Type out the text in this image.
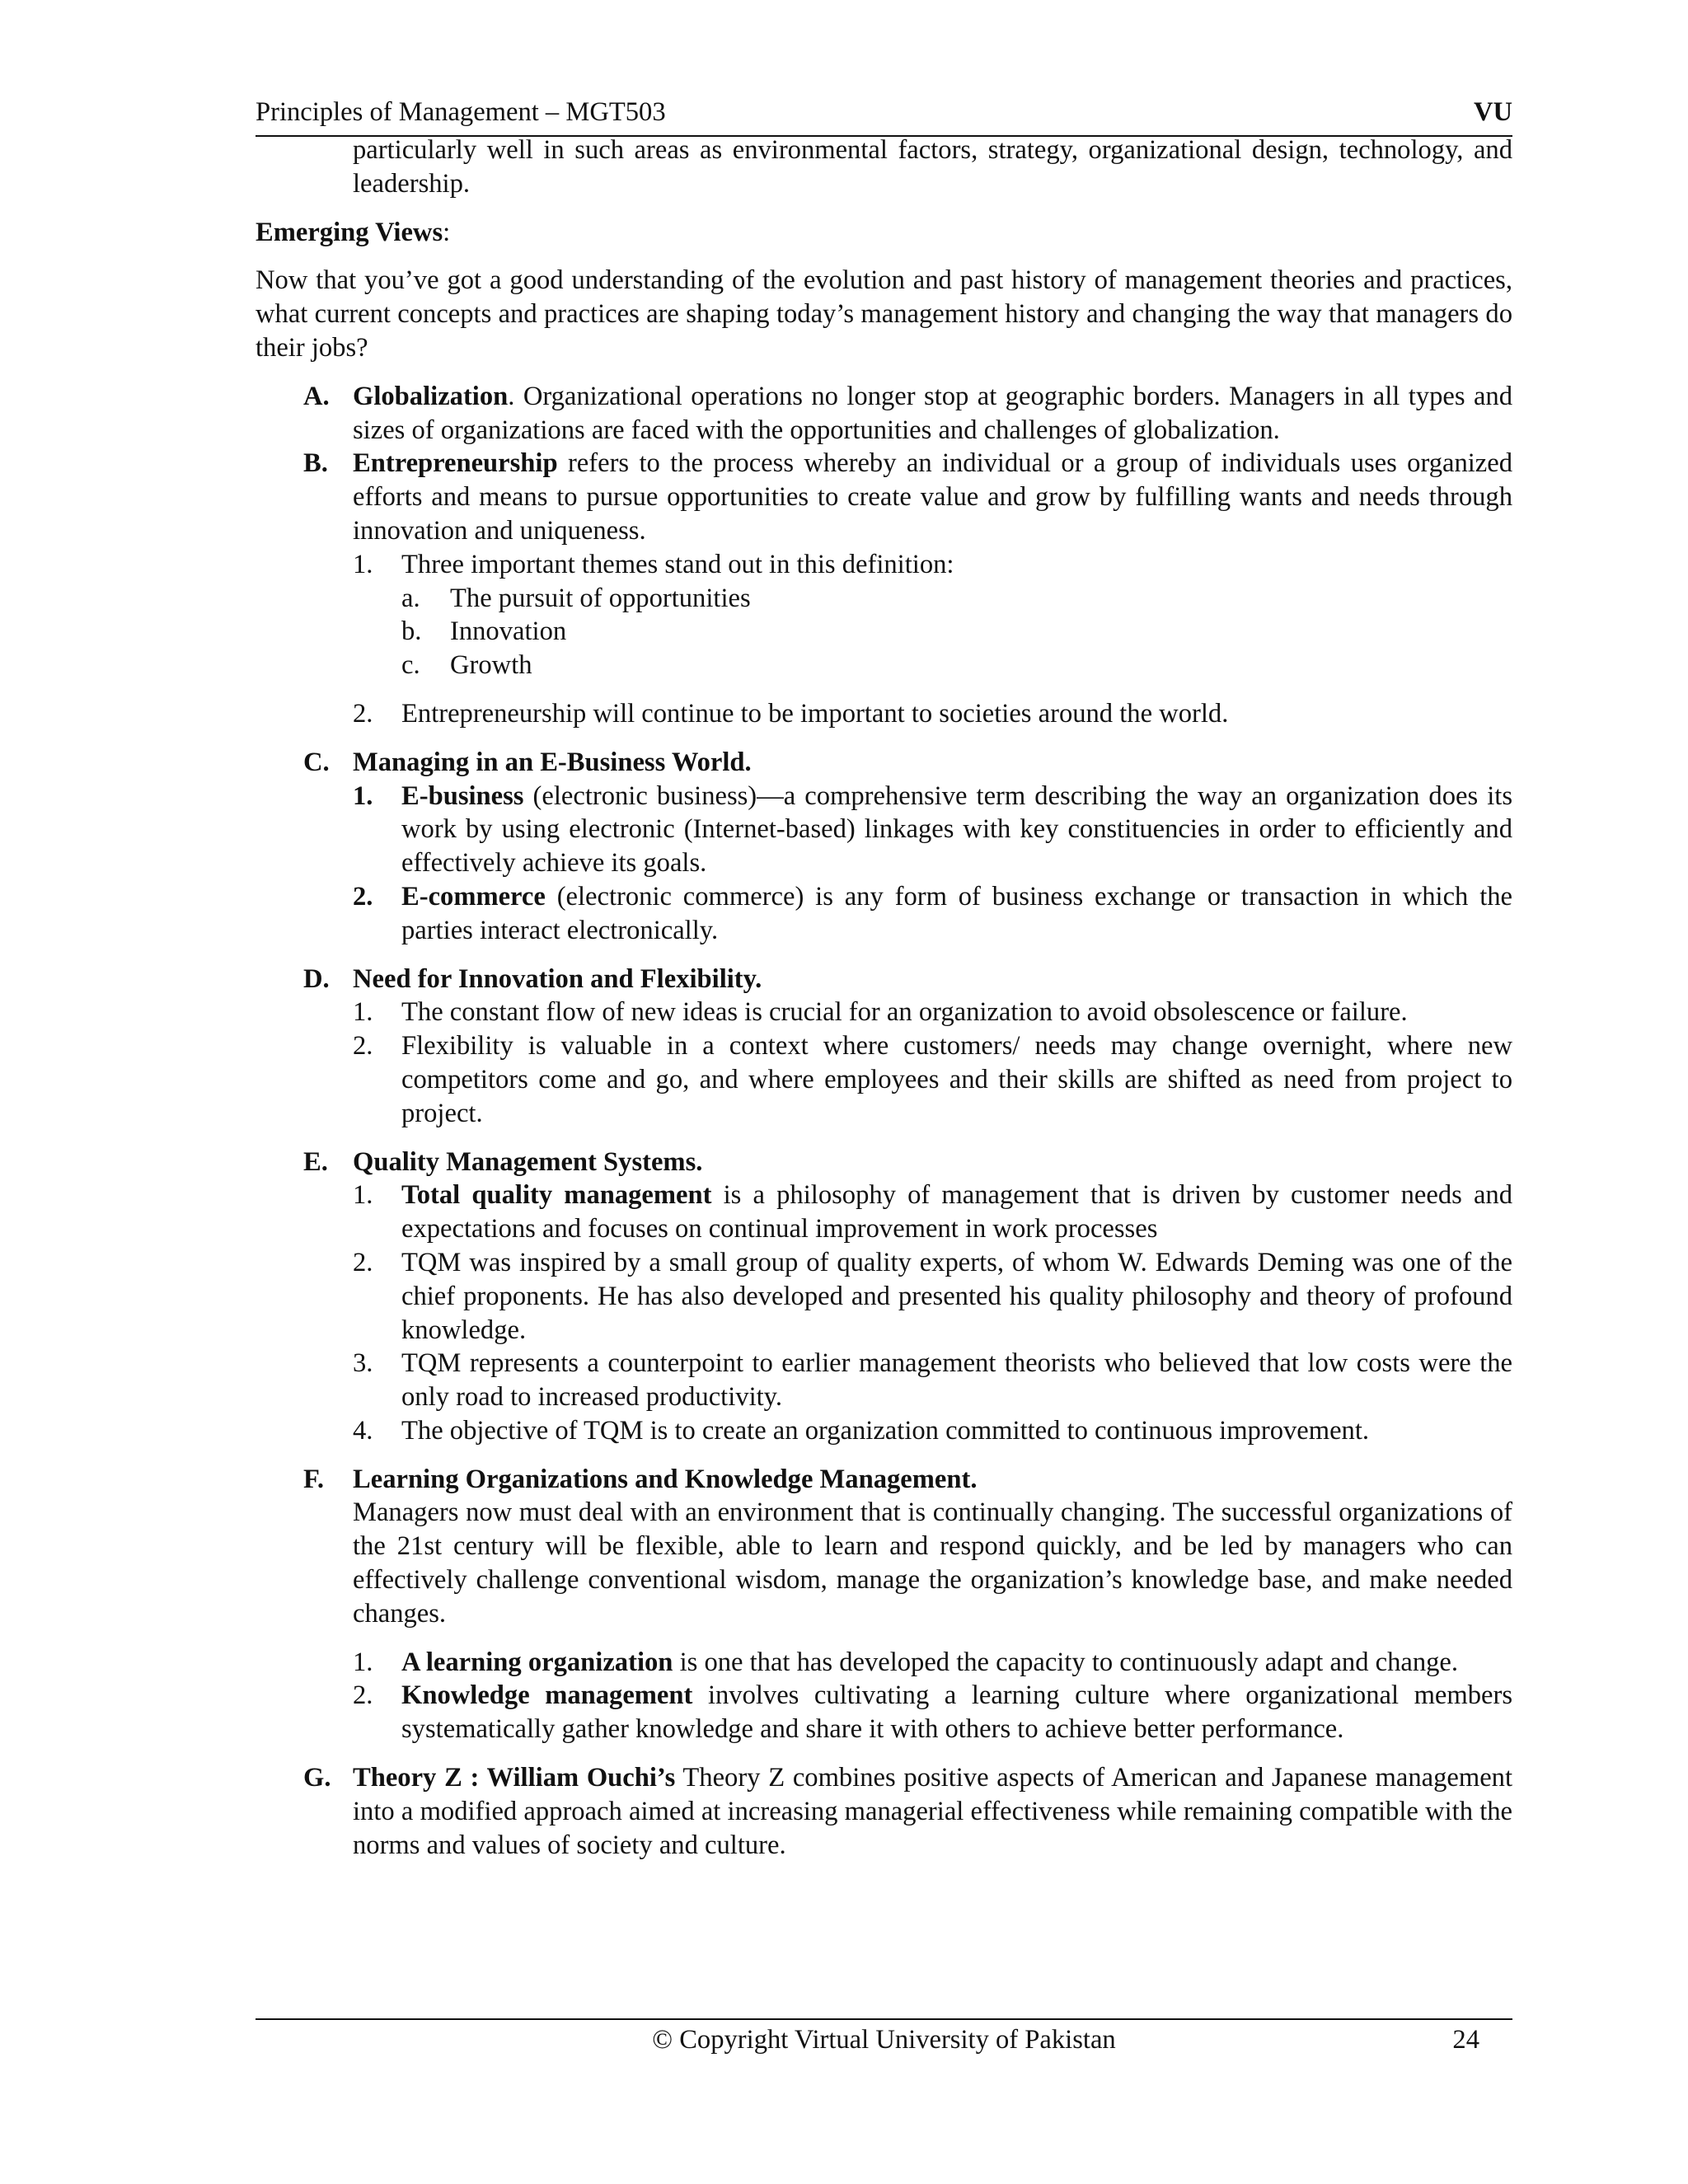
Principles of Management – MGT503	VU

particularly well in such areas as environmental factors, strategy, organizational design, technology, and leadership.

Emerging Views:

Now that you’ve got a good understanding of the evolution and past history of management theories and practices, what current concepts and practices are shaping today’s management history and changing the way that managers do their jobs?

A. Globalization. Organizational operations no longer stop at geographic borders. Managers in all types and sizes of organizations are faced with the opportunities and challenges of globalization.
B. Entrepreneurship refers to the process whereby an individual or a group of individuals uses organized efforts and means to pursue opportunities to create value and grow by fulfilling wants and needs through innovation and uniqueness.
1. Three important themes stand out in this definition:
a. The pursuit of opportunities
b. Innovation
c. Growth
2. Entrepreneurship will continue to be important to societies around the world.
C. Managing in an E-Business World.
1. E-business (electronic business)—a comprehensive term describing the way an organization does its work by using electronic (Internet-based) linkages with key constituencies in order to efficiently and effectively achieve its goals.
2. E-commerce (electronic commerce) is any form of business exchange or transaction in which the parties interact electronically.
D. Need for Innovation and Flexibility.
1. The constant flow of new ideas is crucial for an organization to avoid obsolescence or failure.
2. Flexibility is valuable in a context where customers/ needs may change overnight, where new competitors come and go, and where employees and their skills are shifted as need from project to project.
E. Quality Management Systems.
1. Total quality management is a philosophy of management that is driven by customer needs and expectations and focuses on continual improvement in work processes
2. TQM was inspired by a small group of quality experts, of whom W. Edwards Deming was one of the chief proponents. He has also developed and presented his quality philosophy and theory of profound knowledge.
3. TQM represents a counterpoint to earlier management theorists who believed that low costs were the only road to increased productivity.
4. The objective of TQM is to create an organization committed to continuous improvement.
F. Learning Organizations and Knowledge Management.

Managers now must deal with an environment that is continually changing. The successful organizations of the 21st century will be flexible, able to learn and respond quickly, and be led by managers who can effectively challenge conventional wisdom, manage the organization’s knowledge base, and make needed changes.

1. A learning organization is one that has developed the capacity to continuously adapt and change.
2. Knowledge management involves cultivating a learning culture where organizational members systematically gather knowledge and share it with others to achieve better performance.
G. Theory Z : William Ouchi’s Theory Z combines positive aspects of American and Japanese management into a modified approach aimed at increasing managerial effectiveness while remaining compatible with the norms and values of society and culture.
© Copyright Virtual University of Pakistan	24
